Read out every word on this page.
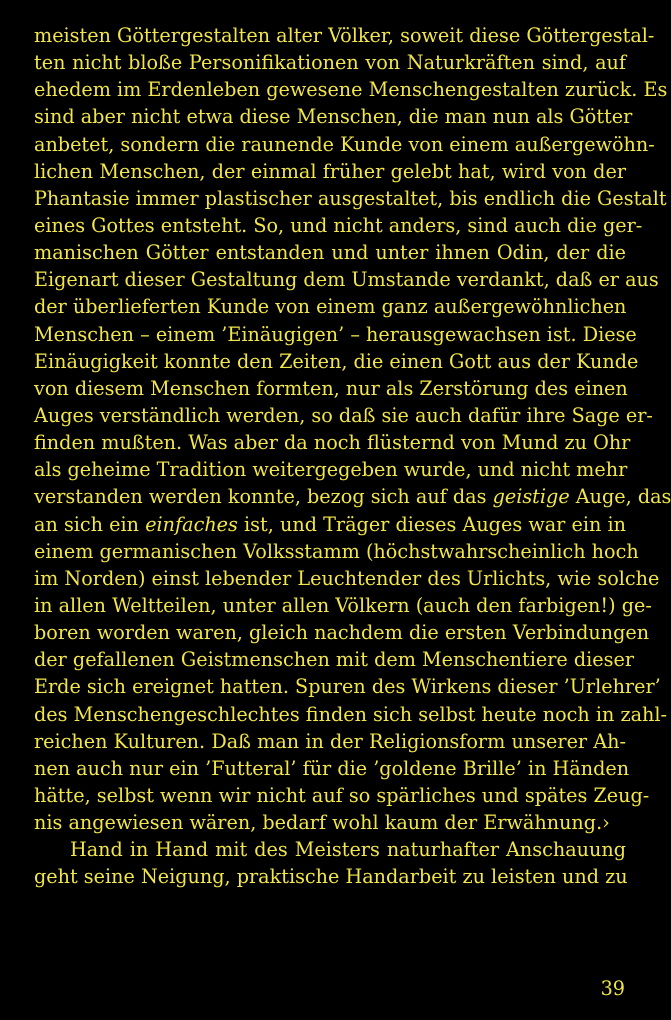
meisten Göttergestalten alter Völker, soweit diese Göttergestal-
ten nicht bloße Personifikationen von Naturkräften sind, auf
ehedem im Erdenleben gewesene Menschengestalten zurück. Es
sind aber nicht etwa diese Menschen, die man nun als Götter
anbetet, sondern die raunende Kunde von einem außergewöhn-
lichen Menschen, der einmal früher gelebt hat, wird von der
Phantasie immer plastischer ausgestaltet, bis endlich die Gestalt
eines Gottes entsteht. So, und nicht anders, sind auch die ger-
manischen Götter entstanden und unter ihnen Odin, der die
Eigenart dieser Gestaltung dem Umstande verdankt, daß er aus
der überlieferten Kunde von einem ganz außergewöhnlichen
Menschen – einem ’Einäugigen’ – herausgewachsen ist. Diese
Einäugigkeit konnte den Zeiten, die einen Gott aus der Kunde
von diesem Menschen formten, nur als Zerstörung des einen
Auges verständlich werden, so daß sie auch dafür ihre Sage er-
finden mußten. Was aber da noch flüsternd von Mund zu Ohr
als geheime Tradition weitergegeben wurde, und nicht mehr
verstanden werden konnte, bezog sich auf das geistige Auge, das
an sich ein einfaches ist, und Träger dieses Auges war ein in
einem germanischen Volksstamm (höchstwahrscheinlich hoch
im Norden) einst lebender Leuchtender des Urlichts, wie solche
in allen Weltteilen, unter allen Völkern (auch den farbigen!) ge-
boren worden waren, gleich nachdem die ersten Verbindungen
der gefallenen Geistmenschen mit dem Menschentiere dieser
Erde sich ereignet hatten. Spuren des Wirkens dieser ’Urlehrer’
des Menschengeschlechtes finden sich selbst heute noch in zahl-
reichen Kulturen. Daß man in der Religionsform unserer Ah-
nen auch nur ein ’Futteral’ für die ’goldene Brille’ in Händen
hätte, selbst wenn wir nicht auf so spärliches und spätes Zeug-
nis angewiesen wären, bedarf wohl kaum der Erwähnung.›
Hand in Hand mit des Meisters naturhafter Anschauung
geht seine Neigung, praktische Handarbeit zu leisten und zu
39
